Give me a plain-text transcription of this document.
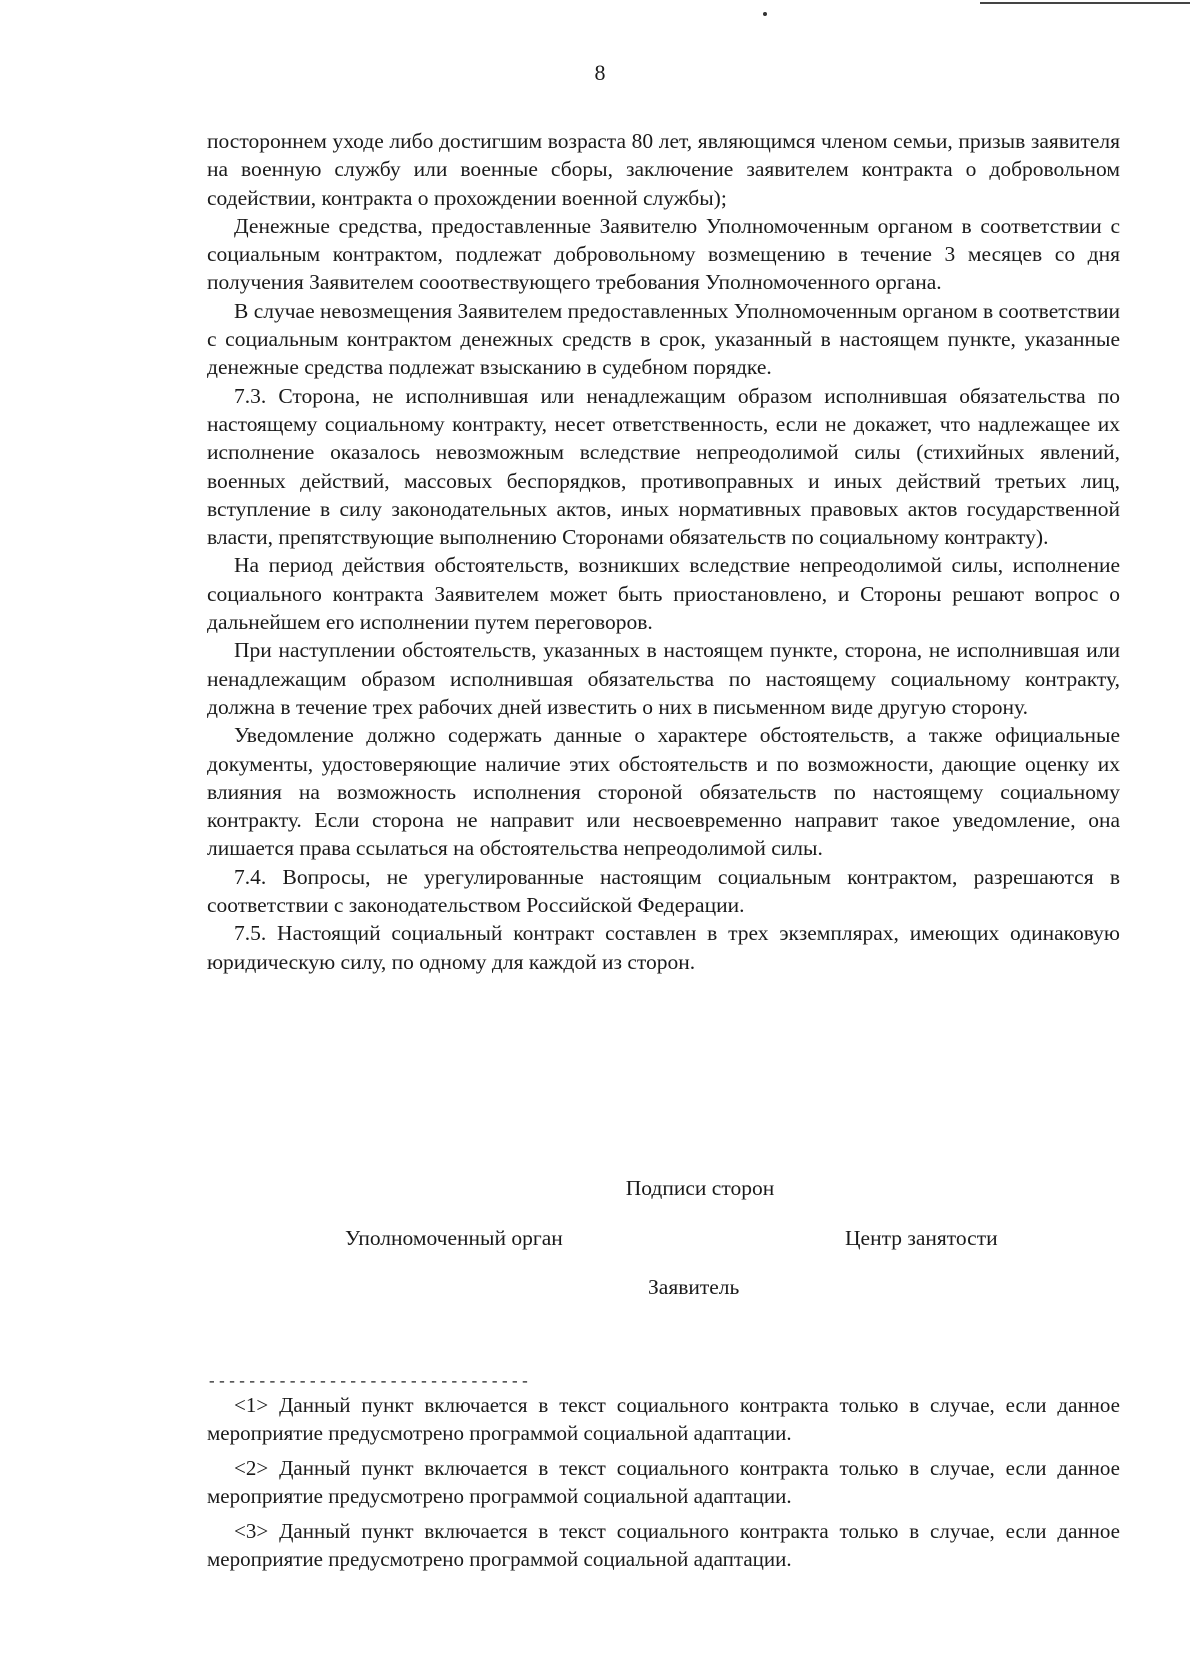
8

постороннем уходе либо достигшим возраста 80 лет, являющимся членом семьи, призыв заявителя на военную службу или военные сборы, заключение заявителем контракта о добровольном содействии, контракта о прохождении военной службы);

Денежные средства, предоставленные Заявителю Уполномоченным органом в соответствии с социальным контрактом, подлежат добровольному возмещению в течение 3 месяцев со дня получения Заявителем сооотвествующего требования Уполномоченного органа.

В случае невозмещения Заявителем предоставленных Уполномоченным органом в соответствии с социальным контрактом денежных средств в срок, указанный в настоящем пункте, указанные денежные средства подлежат взысканию в судебном порядке.

7.3. Сторона, не исполнившая или ненадлежащим образом исполнившая обязательства по настоящему социальному контракту, несет ответственность, если не докажет, что надлежащее их исполнение оказалось невозможным вследствие непреодолимой силы (стихийных явлений, военных действий, массовых беспорядков, противоправных и иных действий третьих лиц, вступление в силу законодательных актов, иных нормативных правовых актов государственной власти, препятствующие выполнению Сторонами обязательств по социальному контракту).

На период действия обстоятельств, возникших вследствие непреодолимой силы, исполнение социального контракта Заявителем может быть приостановлено, и Стороны решают вопрос о дальнейшем его исполнении путем переговоров.

При наступлении обстоятельств, указанных в настоящем пункте, сторона, не исполнившая или ненадлежащим образом исполнившая обязательства по настоящему социальному контракту, должна в течение трех рабочих дней известить о них в письменном виде другую сторону.

Уведомление должно содержать данные о характере обстоятельств, а также официальные документы, удостоверяющие наличие этих обстоятельств и по возможности, дающие оценку их влияния на возможность исполнения стороной обязательств по настоящему социальному контракту. Если сторона не направит или несвоевременно направит такое уведомление, она лишается права ссылаться на обстоятельства непреодолимой силы.

7.4. Вопросы, не урегулированные настоящим социальным контрактом, разрешаются в соответствии с законодательством Российской Федерации.

7.5. Настоящий социальный контракт составлен в трех экземплярах, имеющих одинаковую юридическую силу, по одному для каждой из сторон.

Подписи сторон
Уполномоченный орган	Центр занятости
Заявитель
--------------------------------

<1> Данный пункт включается в текст социального контракта только в случае, если данное мероприятие предусмотрено программой социальной адаптации.

<2> Данный пункт включается в текст социального контракта только в случае, если данное мероприятие предусмотрено программой социальной адаптации.

<3> Данный пункт включается в текст социального контракта только в случае, если данное мероприятие предусмотрено программой социальной адаптации.
